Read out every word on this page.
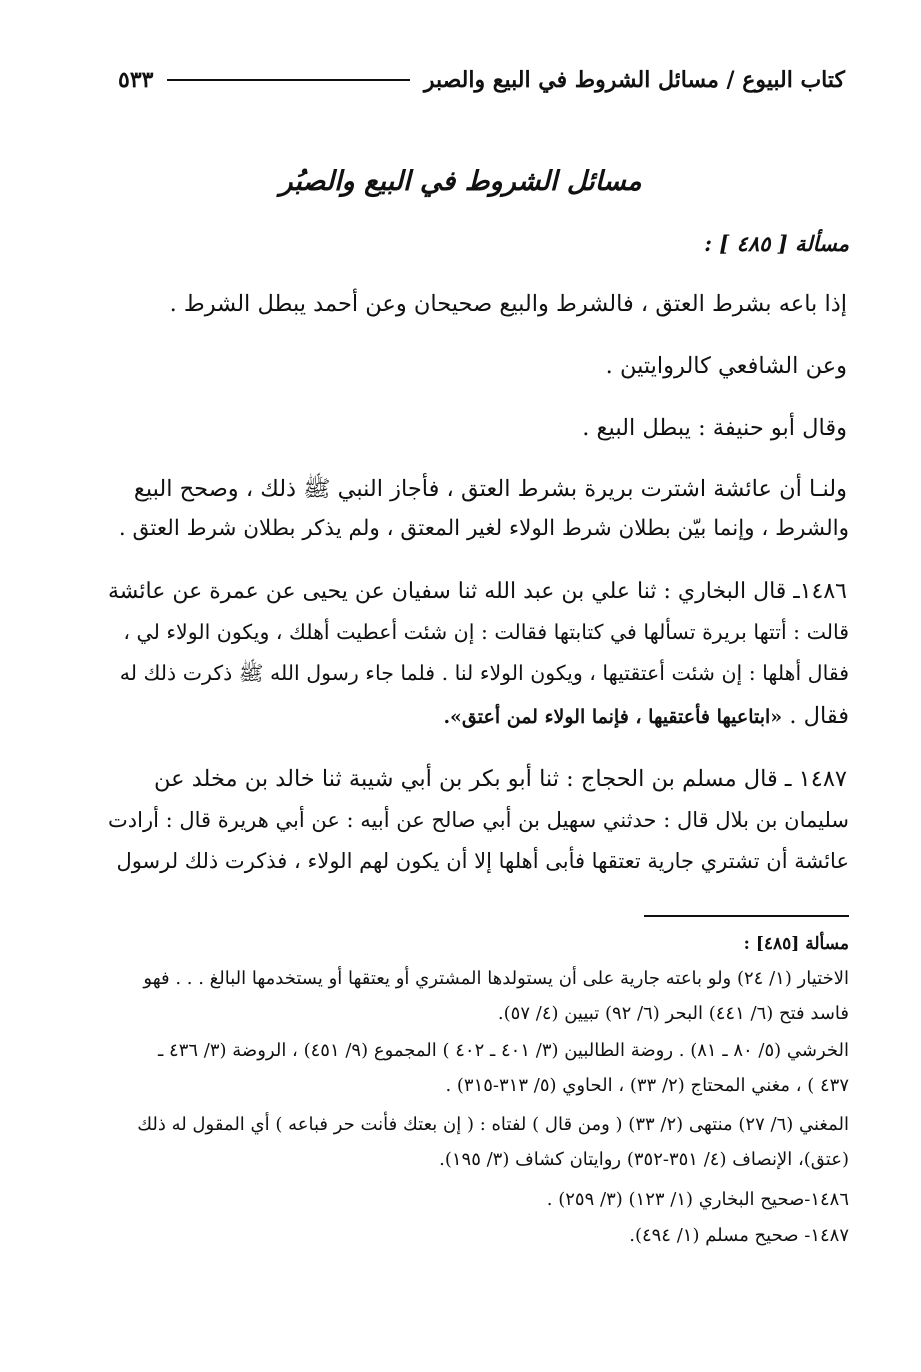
كتاب البيوع / مسائل الشروط في البيع والصبر
٥٣٣
مسائل الشروط في البيع والصبُر
مسألة [ ٤٨٥ ] :
إذا باعه بشرط العتق ، فالشرط والبيع صحيحان وعن أحمد يبطل الشرط .
وعن الشافعي كالروايتين .
وقال أبو حنيفة : يبطل البيع .
ولنـا أن عائشة اشترت بريرة بشرط العتق ، فأجاز النبي ﷺ ذلك ، وصحح البيع
والشرط ، وإنما بيّن بطلان شرط الولاء لغير المعتق ، ولم يذكر بطلان شرط العتق .
١٤٨٦ـ قال البخاري : ثنا علي بن عبد الله ثنا سفيان عن يحيى عن عمرة عن عائشة
قالت : أتتها بريرة تسألها في كتابتها فقالت : إن شئت أعطيت أهلك ، ويكون الولاء لي ،
فقال أهلها : إن شئت أعتقتيها ، ويكون الولاء لنا . فلما جاء رسول الله ﷺ ذكرت ذلك له
فقال . «ابتاعيها فأعتقيها ، فإنما الولاء لمن أعتق».
١٤٨٧ ـ قال مسلم بن الحجاج : ثنا أبو بكر بن أبي شيبة ثنا خالد بن مخلد عن
سليمان بن بلال قال : حدثني سهيل بن أبي صالح عن أبيه : عن أبي هريرة قال : أرادت
عائشة أن تشتري جارية تعتقها فأبى أهلها إلا أن يكون لهم الولاء ، فذكرت ذلك لرسول
مسألة [٤٨٥] :
الاختيار (١/ ٢٤) ولو باعته جارية على أن يستولدها المشتري أو يعتقها أو يستخدمها البالغ . . . فهو
فاسد فتح (٦/ ٤٤١) البحر (٦/ ٩٢) تبيين (٤/ ٥٧).
الخرشي (٥/ ٨٠ ـ ٨١) . روضة الطالبين (٣/ ٤٠١ ـ ٤٠٢ ) المجموع (٩/ ٤٥١) ، الروضة (٣/ ٤٣٦ ـ
٤٣٧ ) ، مغني المحتاج (٢/ ٣٣) ، الحاوي (٥/ ٣١٣-٣١٥) .
المغني (٦/ ٢٧) منتهى (٢/ ٣٣) ( ومن قال ) لفتاه : ( إن بعتك فأنت حر فباعه ) أي المقول له ذلك
(عتق)، الإنصاف (٤/ ٣٥١-٣٥٢) روايتان كشاف (٣/ ١٩٥).
١٤٨٦-صحيح البخاري (١/ ١٢٣) (٣/ ٢٥٩) .
١٤٨٧- صحيح مسلم (١/ ٤٩٤).
